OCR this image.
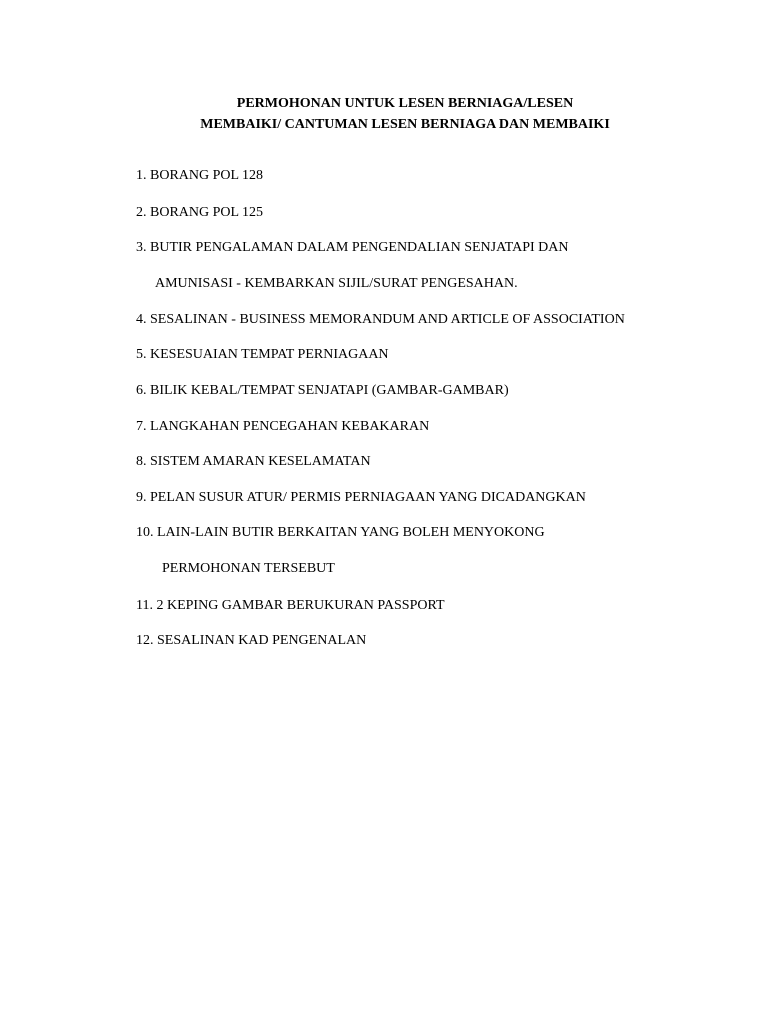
PERMOHONAN UNTUK LESEN BERNIAGA/LESEN
MEMBAIKI/ CANTUMAN LESEN BERNIAGA DAN MEMBAIKI
1. BORANG POL 128
2. BORANG POL 125
3. BUTIR PENGALAMAN DALAM PENGENDALIAN SENJATAPI DAN
AMUNISASI - KEMBARKAN SIJIL/SURAT PENGESAHAN.
4. SESALINAN - BUSINESS MEMORANDUM AND ARTICLE OF ASSOCIATION
5. KESESUAIAN TEMPAT PERNIAGAAN
6. BILIK KEBAL/TEMPAT SENJATAPI (GAMBAR-GAMBAR)
7. LANGKAHAN PENCEGAHAN KEBAKARAN
8. SISTEM AMARAN KESELAMATAN
9. PELAN SUSUR ATUR/ PERMIS PERNIAGAAN YANG DICADANGKAN
10. LAIN-LAIN BUTIR BERKAITAN YANG BOLEH MENYOKONG
PERMOHONAN TERSEBUT
11. 2 KEPING GAMBAR BERUKURAN PASSPORT
12. SESALINAN KAD PENGENALAN
